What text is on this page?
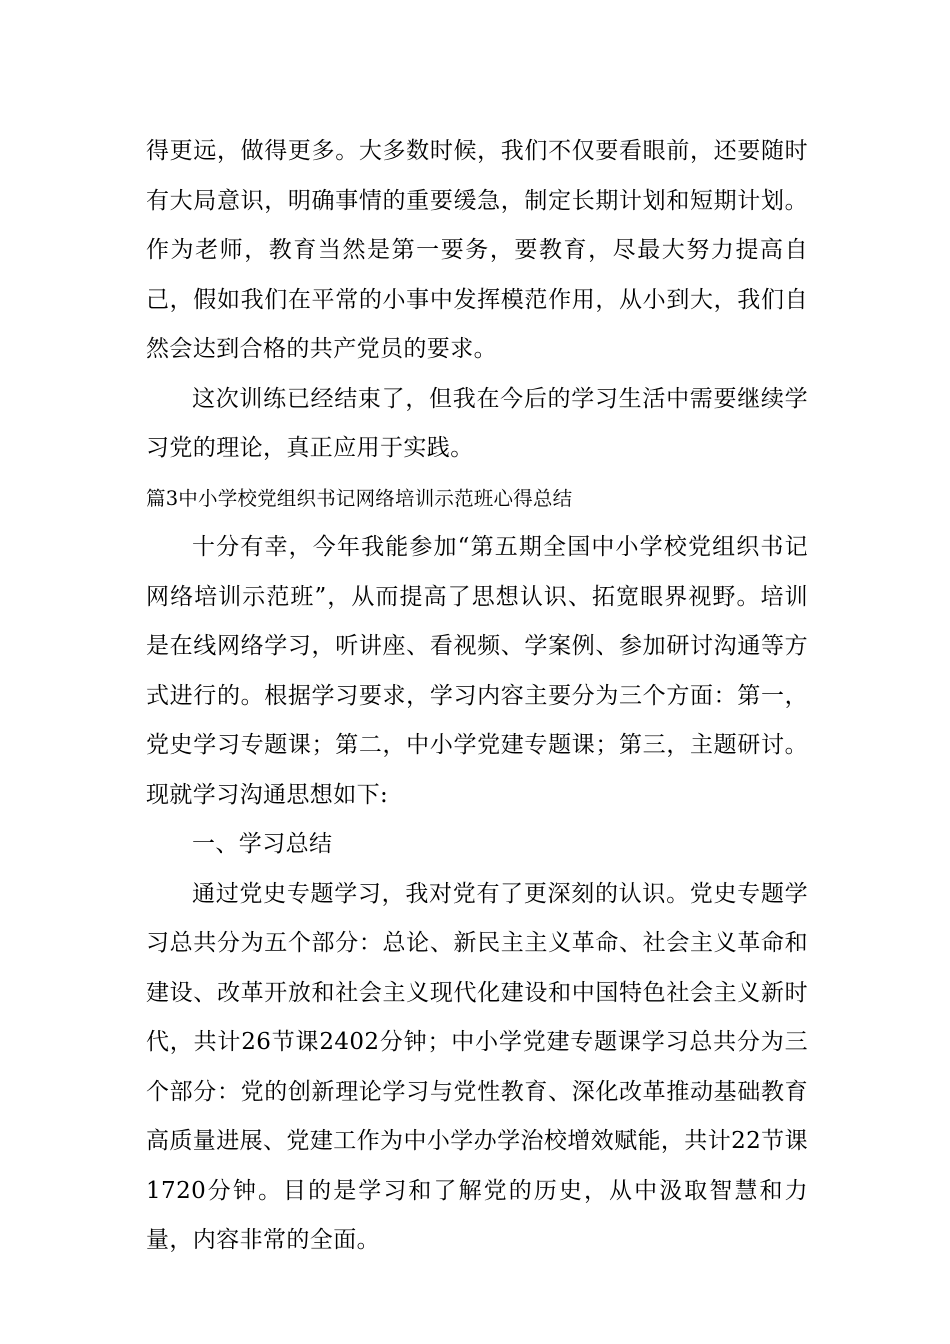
得更远，做得更多。大多数时候，我们不仅要看眼前，还要随时有大局意识，明确事情的重要缓急，制定长期计划和短期计划。作为老师，教育当然是第一要务，要教育，尽最大努力提高自己，假如我们在平常的小事中发挥模范作用，从小到大，我们自然会达到合格的共产党员的要求。

这次训练已经结束了，但我在今后的学习生活中需要继续学习党的理论，真正应用于实践。

篇3中小学校党组织书记网络培训示范班心得总结

十分有幸，今年我能参加“第五期全国中小学校党组织书记网络培训示范班”，从而提高了思想认识、拓宽眼界视野。培训是在线网络学习，听讲座、看视频、学案例、参加研讨沟通等方式进行的。根据学习要求，学习内容主要分为三个方面：第一，党史学习专题课；第二，中小学党建专题课；第三，主题研讨。现就学习沟通思想如下:

一、学习总结

通过党史专题学习，我对党有了更深刻的认识。党史专题学习总共分为五个部分：总论、新民主主义革命、社会主义革命和建设、改革开放和社会主义现代化建设和中国特色社会主义新时代，共计26节课2402分钟；中小学党建专题课学习总共分为三个部分：党的创新理论学习与党性教育、深化改革推动基础教育高质量进展、党建工作为中小学办学治校增效赋能，共计22节课1720分钟。目的是学习和了解党的历史，从中汲取智慧和力量，内容非常的全面。
